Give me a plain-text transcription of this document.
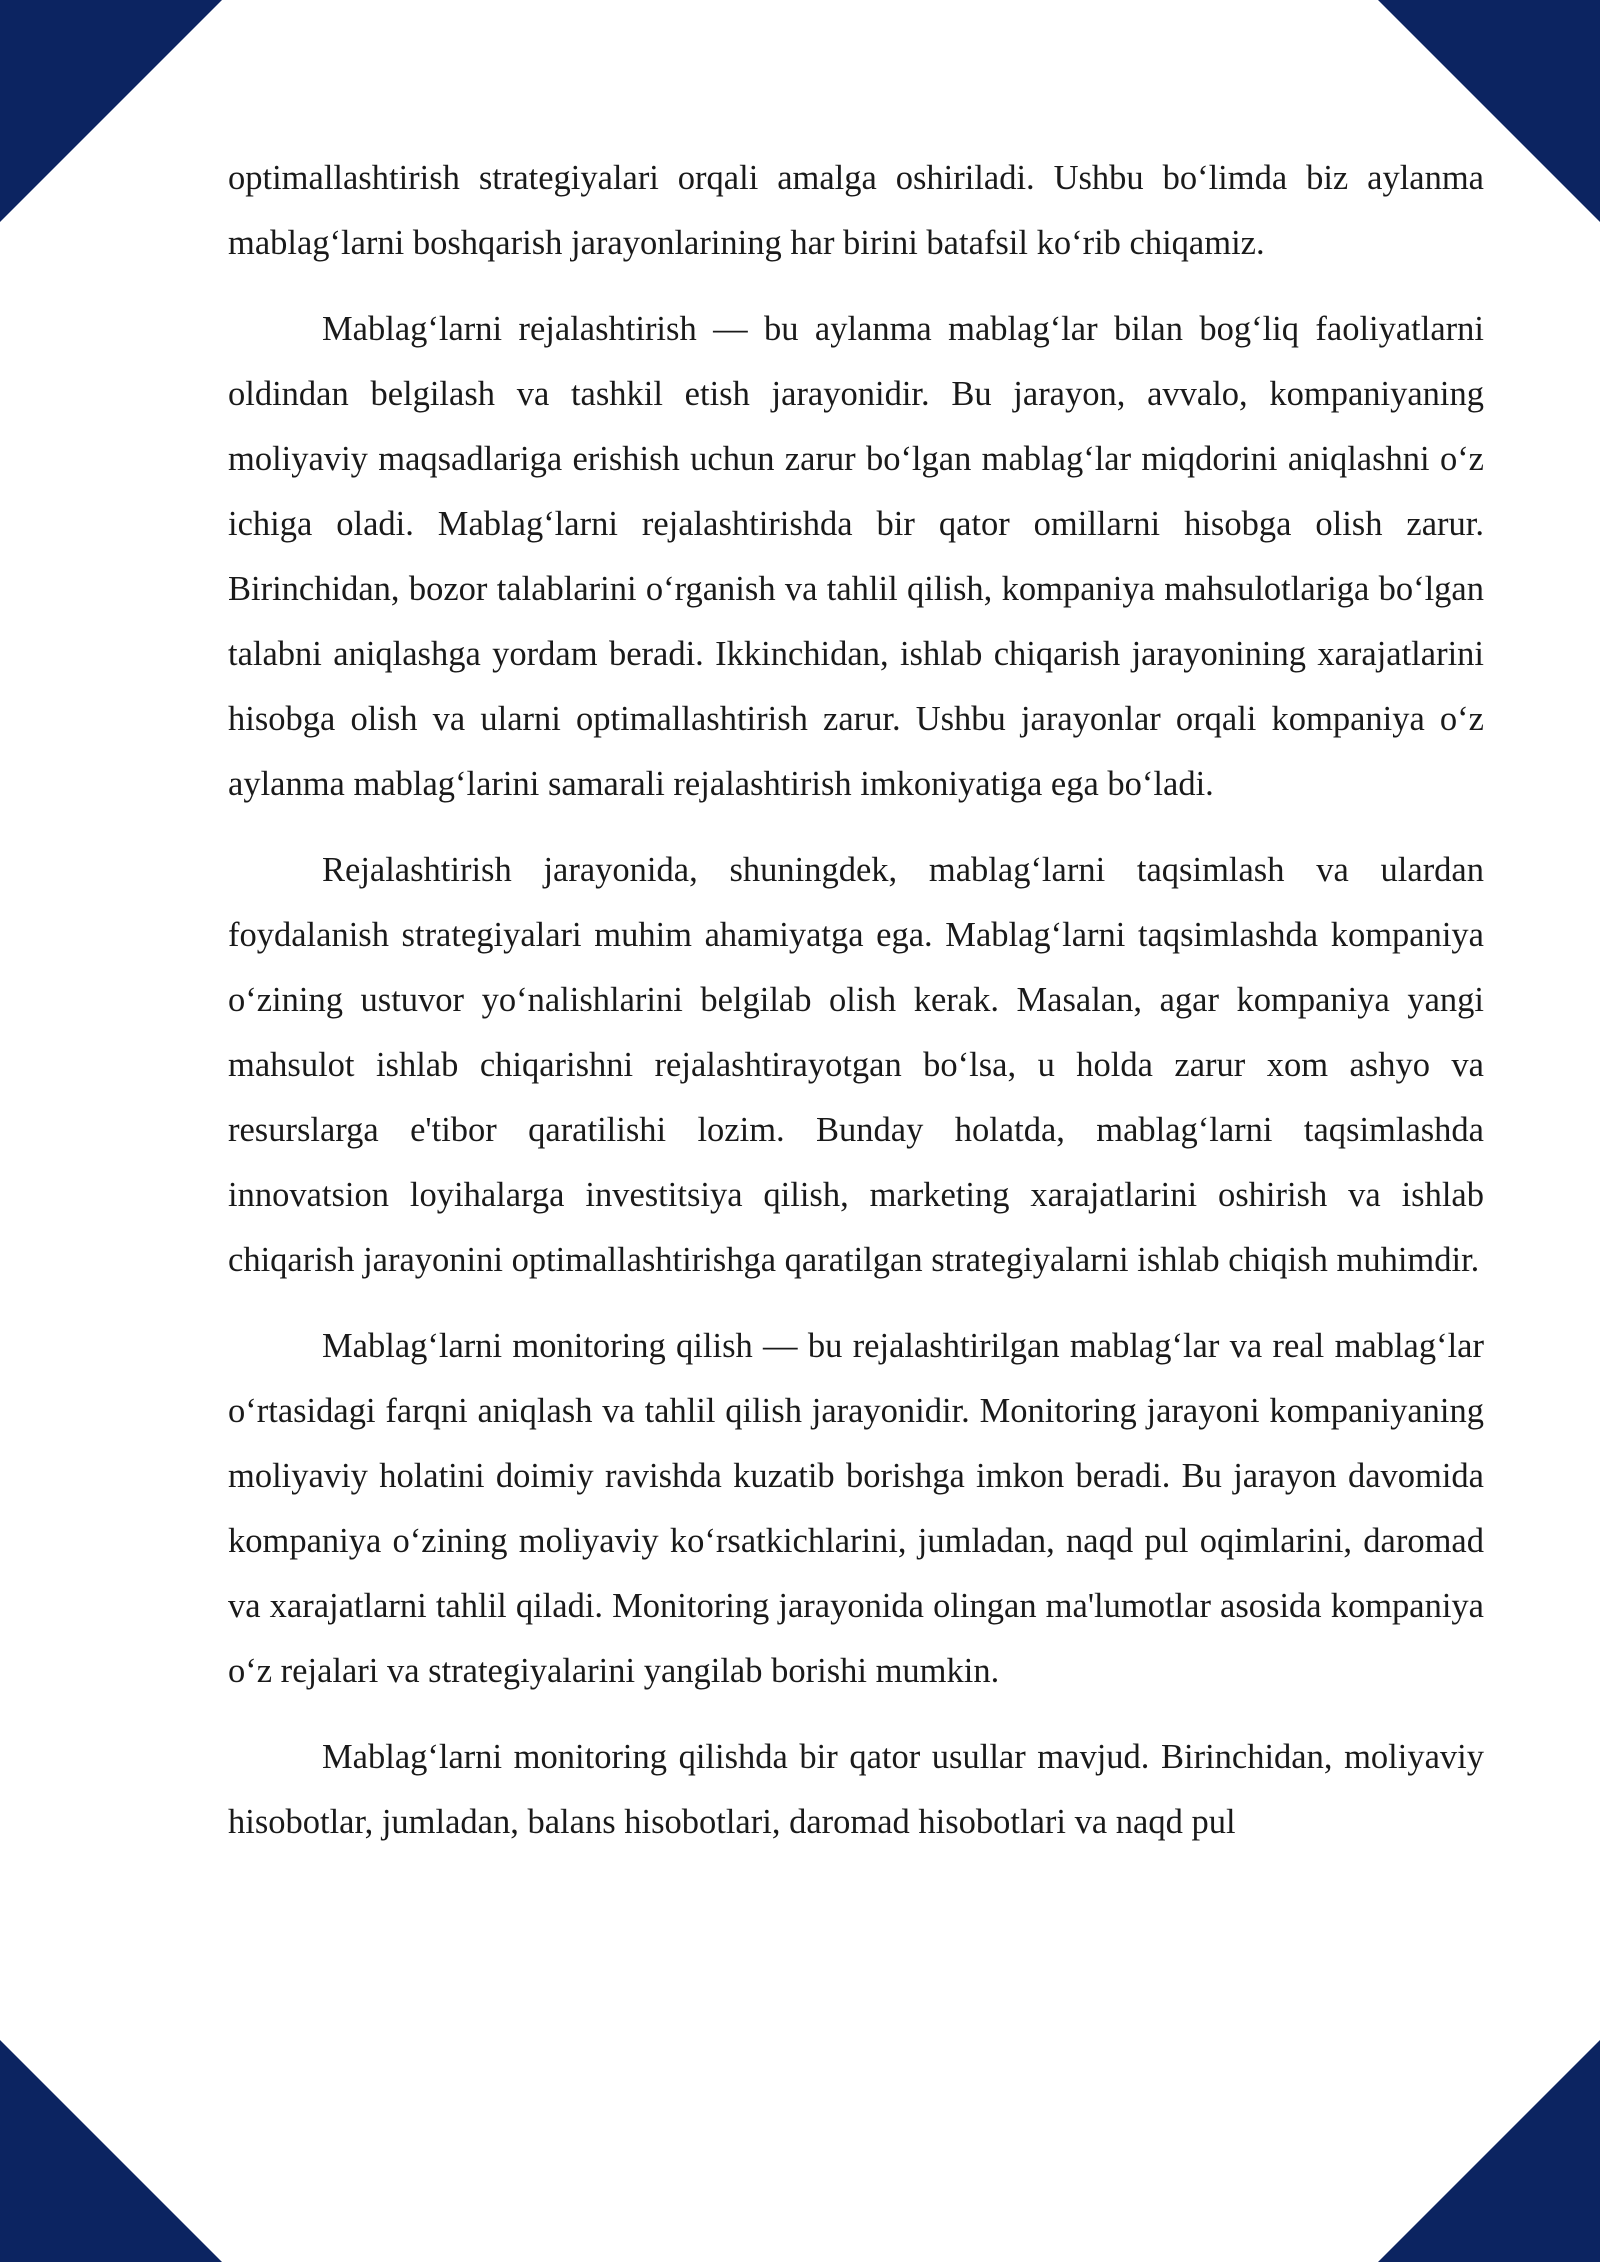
optimallashtirish strategiyalari orqali amalga oshiriladi. Ushbu bo‘limda biz aylanma mablag‘larni boshqarish jarayonlarining har birini batafsil ko‘rib chiqamiz.

Mablag‘larni rejalashtirish — bu aylanma mablag‘lar bilan bog‘liq faoliyatlarni oldindan belgilash va tashkil etish jarayonidir. Bu jarayon, avvalo, kompaniyaning moliyaviy maqsadlariga erishish uchun zarur bo‘lgan mablag‘lar miqdorini aniqlashni o‘z ichiga oladi. Mablag‘larni rejalashtirishda bir qator omillarni hisobga olish zarur. Birinchidan, bozor talablarini o‘rganish va tahlil qilish, kompaniya mahsulotlariga bo‘lgan talabni aniqlashga yordam beradi. Ikkinchidan, ishlab chiqarish jarayonining xarajatlarini hisobga olish va ularni optimallashtirish zarur. Ushbu jarayonlar orqali kompaniya o‘z aylanma mablag‘larini samarali rejalashtirish imkoniyatiga ega bo‘ladi.

Rejalashtirish jarayonida, shuningdek, mablag‘larni taqsimlash va ulardan foydalanish strategiyalari muhim ahamiyatga ega. Mablag‘larni taqsimlashda kompaniya o‘zining ustuvor yo‘nalishlarini belgilab olish kerak. Masalan, agar kompaniya yangi mahsulot ishlab chiqarishni rejalashtirayotgan bo‘lsa, u holda zarur xom ashyo va resurslarga e'tibor qaratilishi lozim. Bunday holatda, mablag‘larni taqsimlashda innovatsion loyihalarga investitsiya qilish, marketing xarajatlarini oshirish va ishlab chiqarish jarayonini optimallashtirishga qaratilgan strategiyalarni ishlab chiqish muhimdir.

Mablag‘larni monitoring qilish — bu rejalashtirilgan mablag‘lar va real mablag‘lar o‘rtasidagi farqni aniqlash va tahlil qilish jarayonidir. Monitoring jarayoni kompaniyaning moliyaviy holatini doimiy ravishda kuzatib borishga imkon beradi. Bu jarayon davomida kompaniya o‘zining moliyaviy ko‘rsatkichlarini, jumladan, naqd pul oqimlarini, daromad va xarajatlarni tahlil qiladi. Monitoring jarayonida olingan ma'lumotlar asosida kompaniya o‘z rejalari va strategiyalarini yangilab borishi mumkin.

Mablag‘larni monitoring qilishda bir qator usullar mavjud. Birinchidan, moliyaviy hisobotlar, jumladan, balans hisobotlari, daromad hisobotlari va naqd pul
